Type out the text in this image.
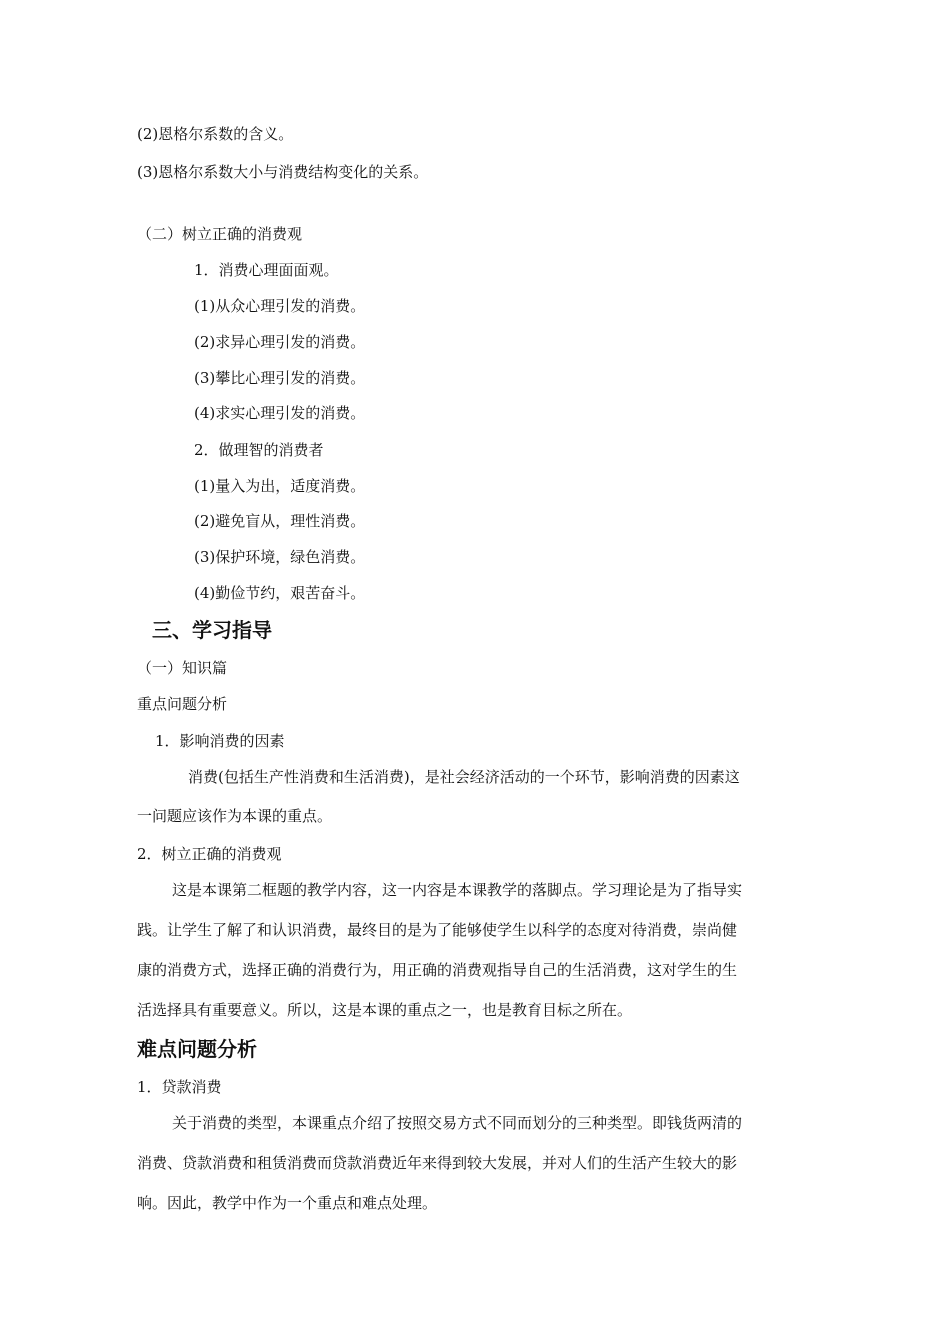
(2)恩格尔系数的含义。
(3)恩格尔系数大小与消费结构变化的关系。
（二）树立正确的消费观
1．消费心理面面观。
(1)从众心理引发的消费。
(2)求异心理引发的消费。
(3)攀比心理引发的消费。
(4)求实心理引发的消费。
2．做理智的消费者
(1)量入为出，适度消费。
(2)避免盲从，理性消费。
(3)保护环境，绿色消费。
(4)勤俭节约，艰苦奋斗。
三、学习指导
（一）知识篇
重点问题分析
1．影响消费的因素
消费(包括生产性消费和生活消费)，是社会经济活动的一个环节，影响消费的因素这
一问题应该作为本课的重点。
2．树立正确的消费观
这是本课第二框题的教学内容，这一内容是本课教学的落脚点。学习理论是为了指导实
践。让学生了解了和认识消费，最终目的是为了能够使学生以科学的态度对待消费，崇尚健
康的消费方式，选择正确的消费行为，用正确的消费观指导自己的生活消费，这对学生的生
活选择具有重要意义。所以，这是本课的重点之一，也是教育目标之所在。
难点问题分析
1．贷款消费
关于消费的类型，本课重点介绍了按照交易方式不同而划分的三种类型。即钱货两清的
消费、贷款消费和租赁消费而贷款消费近年来得到较大发展，并对人们的生活产生较大的影
响。因此，教学中作为一个重点和难点处理。
